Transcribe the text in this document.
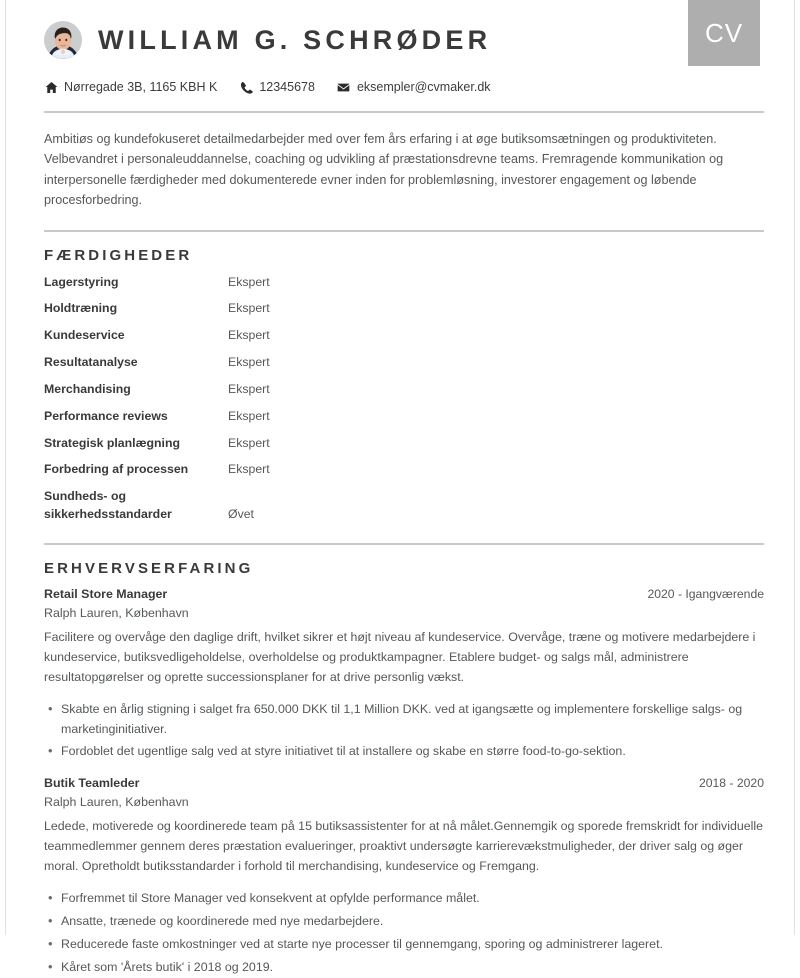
CV
WILLIAM G. SCHRØDER
Nørregade 3B, 1165 KBH K	12345678	eksempler@cvmaker.dk

Ambitiøs og kundefokuseret detailmedarbejder med over fem års erfaring i at øge butiksomsætningen og produktiviteten. Velbevandret i personaleuddannelse, coaching og udvikling af præstationsdrevne teams. Fremragende kommunikation og interpersonelle færdigheder med dokumenterede evner inden for problemløsning, investorer engagement og løbende procesforbedring.

FÆRDIGHEDER
Lagerstyring	Ekspert
Holdtræning	Ekspert
Kundeservice	Ekspert
Resultatanalyse	Ekspert
Merchandising	Ekspert
Performance reviews	Ekspert
Strategisk planlægning	Ekspert
Forbedring af processen	Ekspert
Sundheds- og sikkerhedsstandarder	Øvet
ERHVERVSERFARING
Retail Store Manager	2020 - Igangværende
Ralph Lauren, København

Facilitere og overvåge den daglige drift, hvilket sikrer et højt niveau af kundeservice. Overvåge, træne og motivere medarbejdere i kundeservice, butiksvedligeholdelse, overholdelse og produktkampagner. Etablere budget- og salgs mål, administrere resultatopgørelser og oprette successionsplaner for at drive personlig vækst.

• Skabte en årlig stigning i salget fra 650.000 DKK til 1,1 Million DKK. ved at igangsætte og implementere forskellige salgs- og marketinginitiativer.
• Fordoblet det ugentlige salg ved at styre initiativet til at installere og skabe en større food-to-go-sektion.
Butik Teamleder	2018 - 2020
Ralph Lauren, København

Ledede, motiverede og koordinerede team på 15 butiksassistenter for at nå målet.Gennemgik og sporede fremskridt for individuelle teammedlemmer gennem deres præstation evalueringer, proaktivt undersøgte karrierevækstmuligheder, der driver salg og øger moral. Opretholdt butiksstandarder i forhold til merchandising, kundeservice og Fremgang.

• Forfremmet til Store Manager ved konsekvent at opfylde performance målet.
• Ansatte, trænede og koordinerede med nye medarbejdere.
• Reducerede faste omkostninger ved at starte nye processer til gennemgang, sporing og administrerer lageret.
• Kåret som 'Årets butik' i 2018 og 2019.
